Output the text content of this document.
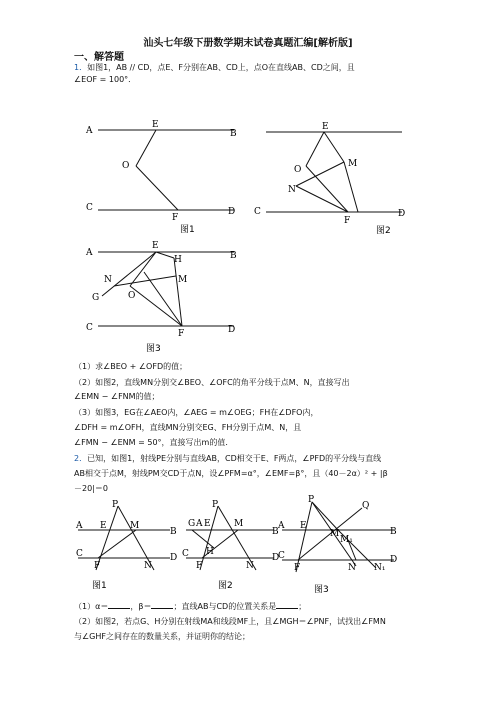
汕头七年级下册数学期末试卷真题汇编[解析版]
一、解答题
1．如图1，AB // CD，点E、F分别在AB、CD上，点O在直线AB、CD之间，且
∠EOF = 100°．
A	B
E
O
C	D
F
图1
E
O
M
N
C	D
F
图2
A	B
E
H
N	M
G	O
C	D
F
图3
（1）求∠BEO + ∠OFD的值；
（2）如图2，直线MN分别交∠BEO、∠OFC的角平分线于点M、N，直接写出
∠EMN − ∠FNM的值；
（3）如图3，EG在∠AEO内，∠AEG = m∠OEG；FH在∠DFO内，
∠DFH = m∠OFH，直线MN分别交EG、FH分别于点M、N，且
∠FMN − ∠ENM = 50°，直接写出m的值．
2．已知，如图1，射线PE分别与直线AB，CD相交于E、F两点，∠PFD的平分线与直线
AB相交于点M，射线PM交CD于点N，设∠PFM=α°，∠EMF=β°，且（40－2α）² + |β
－20|＝0
P
A E	M
B
C
F	N
D
图1
P
G A E	M
B
H
C
F	N
D
图2
P
Q
A E
M
M₁
B
C
F	N N₁
D
图3
（1）α＝	，β＝	；直线AB与CD的位置关系是	；
（2）如图2，若点G、H分别在射线MA和线段MF上，且∠MGH＝∠PNF，试找出∠FMN
与∠GHF之间存在的数量关系，并证明你的结论；
